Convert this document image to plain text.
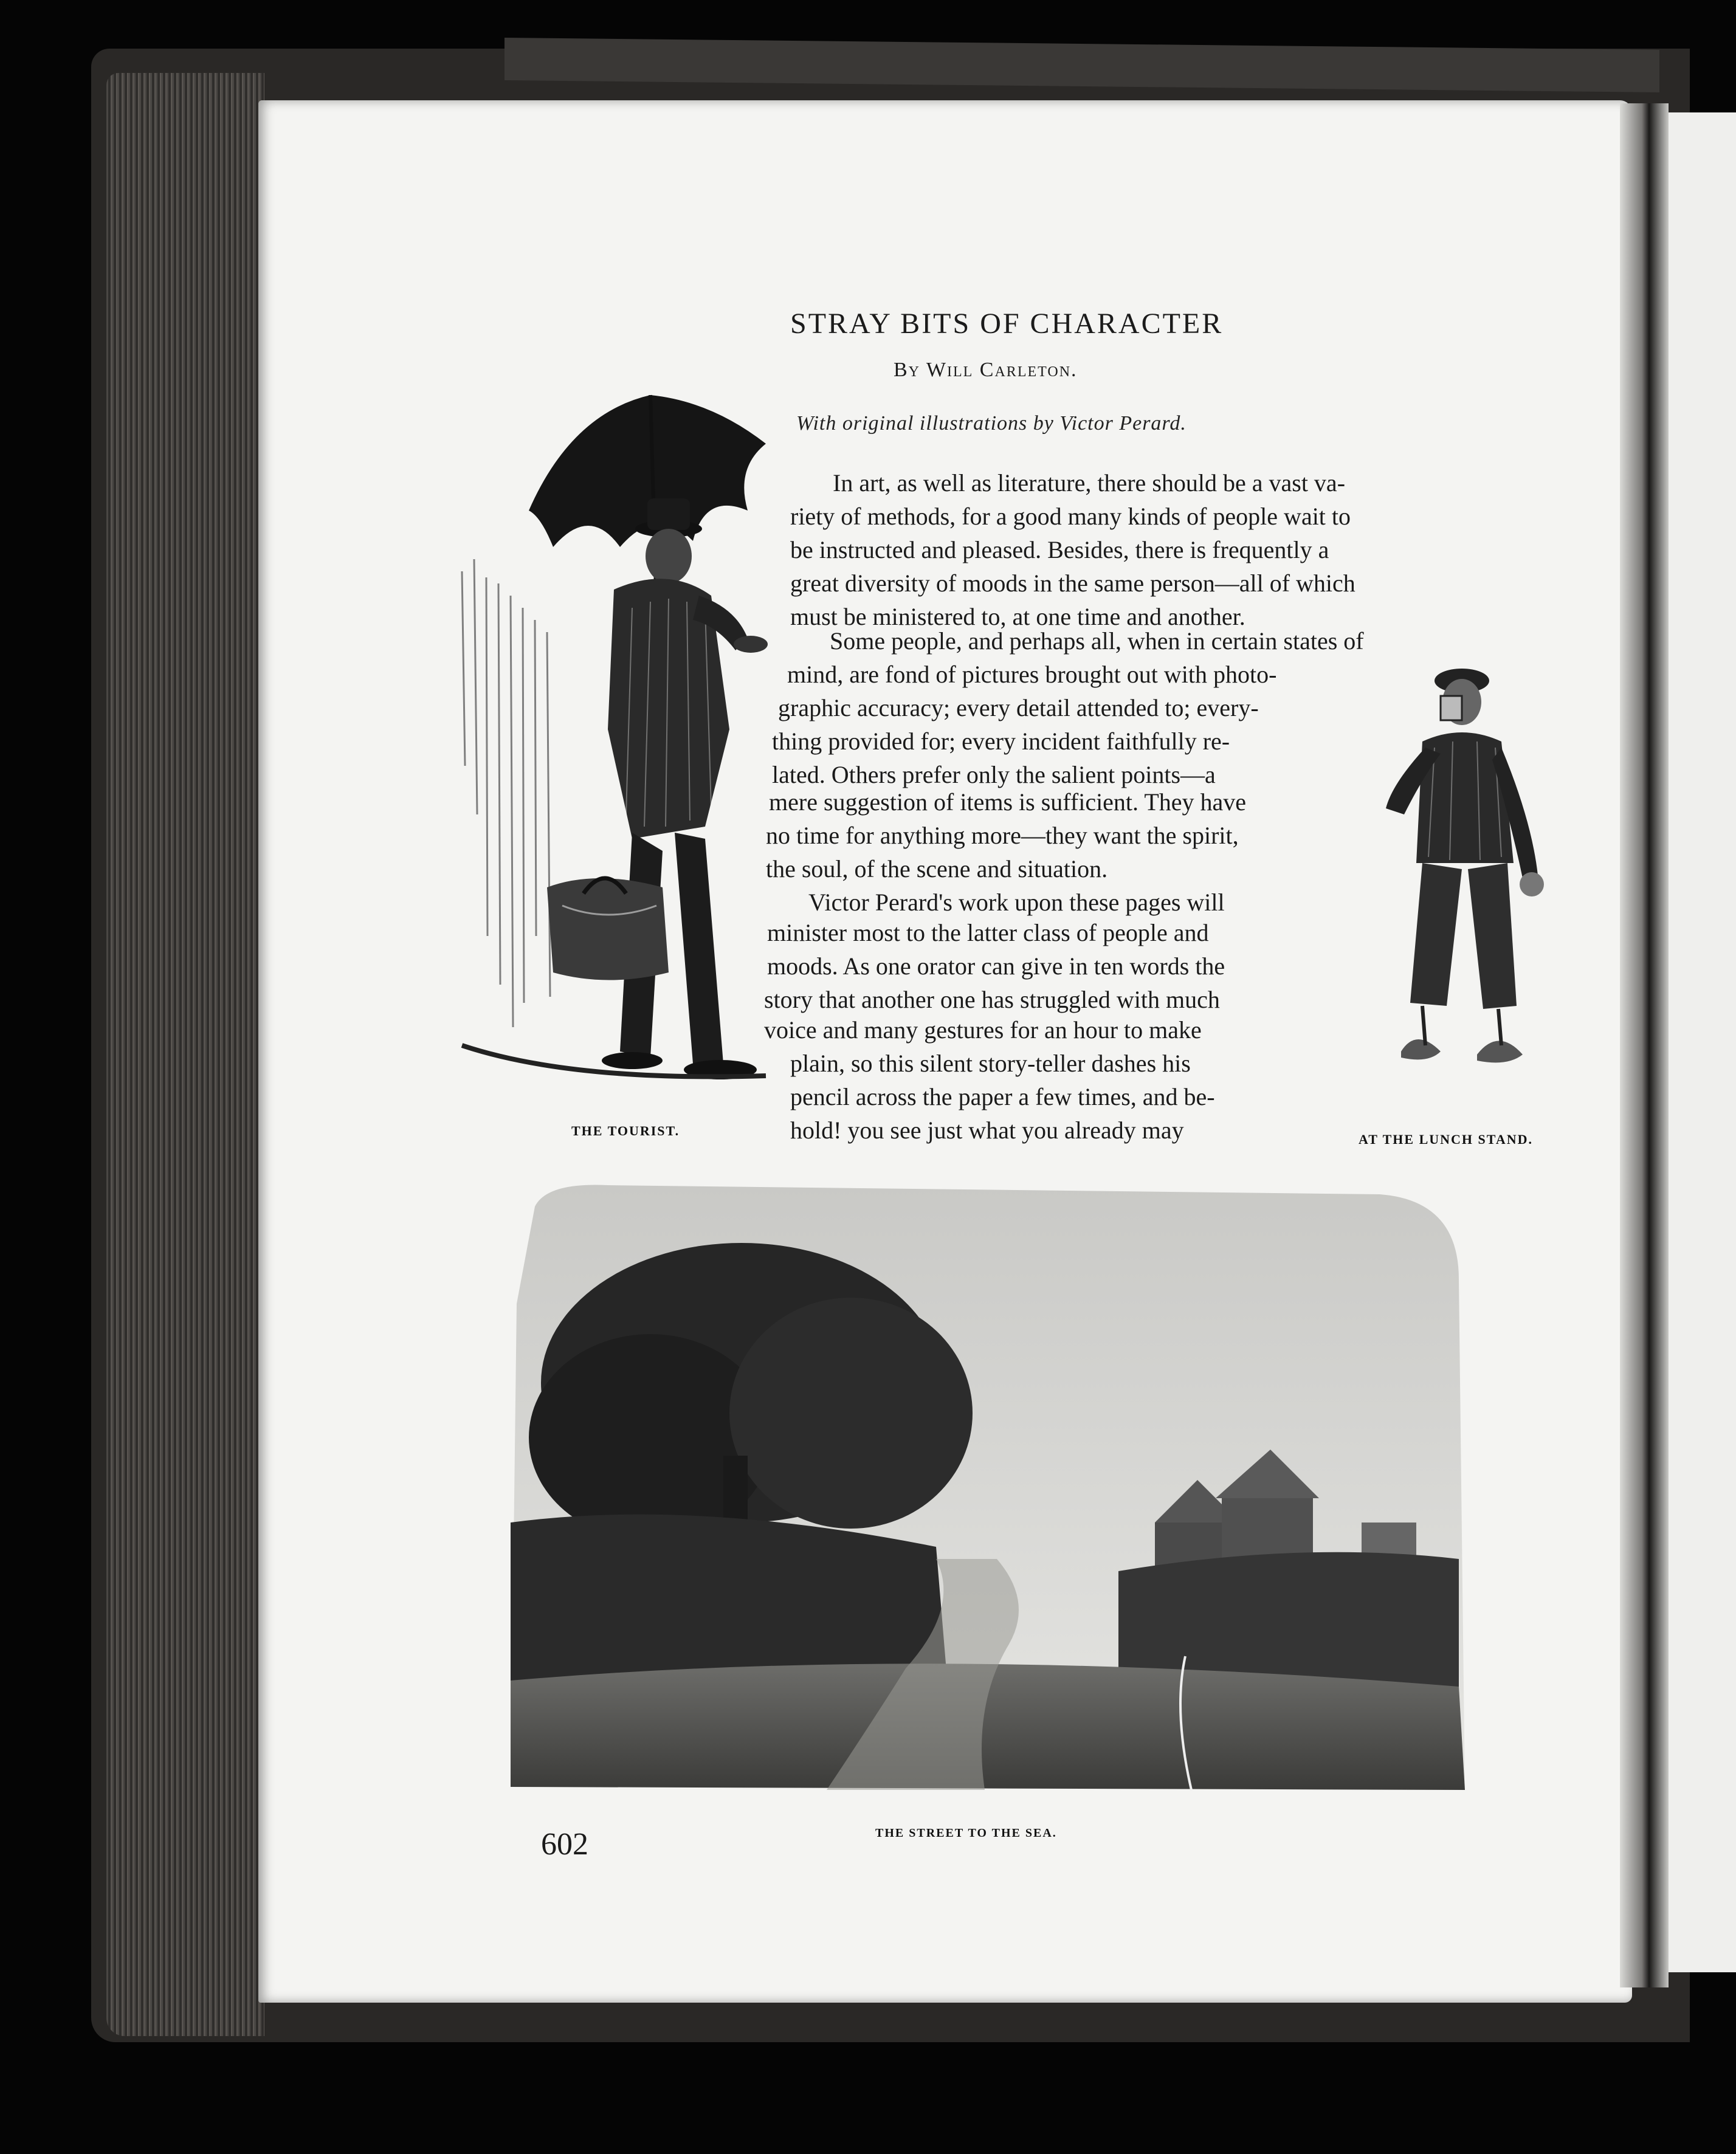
STRAY BITS OF CHARACTER
By Will Carleton.
With original illustrations by Victor Perard.
In art, as well as literature, there should be a vast va-
riety of methods, for a good many kinds of people wait to
be instructed and pleased. Besides, there is frequently a
great diversity of moods in the same person—all of which
must be ministered to, at one time and another.
Some people, and perhaps all, when in certain states of
mind, are fond of pictures brought out with photo-
graphic accuracy; every detail attended to; every-
thing provided for; every incident faithfully re-
lated. Others prefer only the salient points—a
mere suggestion of items is sufficient. They have
no time for anything more—they want the spirit,
the soul, of the scene and situation.
Victor Perard's work upon these pages will
minister most to the latter class of people and
moods. As one orator can give in ten words the
story that another one has struggled with much
voice and many gestures for an hour to make
plain, so this silent story-teller dashes his
pencil across the paper a few times, and be-
hold! you see just what you already may
THE TOURIST.
AT THE LUNCH STAND.
THE STREET TO THE SEA.
602
